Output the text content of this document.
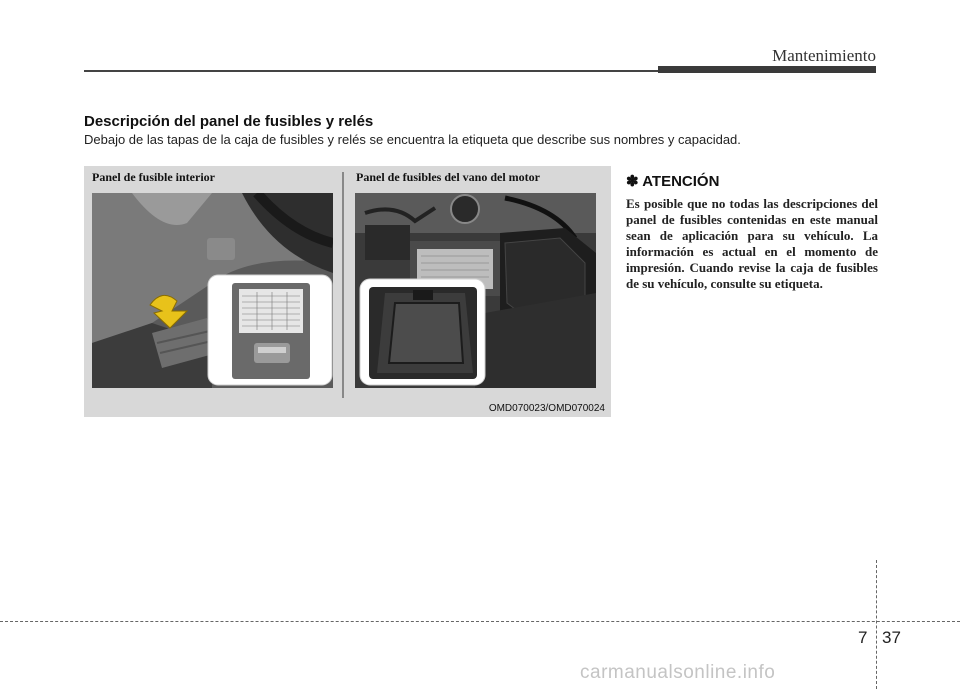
Mantenimiento
Descripción del panel de fusibles y relés
Debajo de las tapas de la caja de fusibles y relés se encuentra la etiqueta que describe sus nombres y capacidad.
Panel de fusible interior	Panel de fusibles del vano del motor
OMD070023/OMD070024
✽ ATENCIÓN
Es posible que no todas las descripciones del panel de fusibles contenidas en este manual sean de aplicación para su vehículo. La información es actual en el momento de impresión. Cuando revise la caja de fusibles de su vehículo, consulte su etiqueta.
7 37
carmanualsonline.info
